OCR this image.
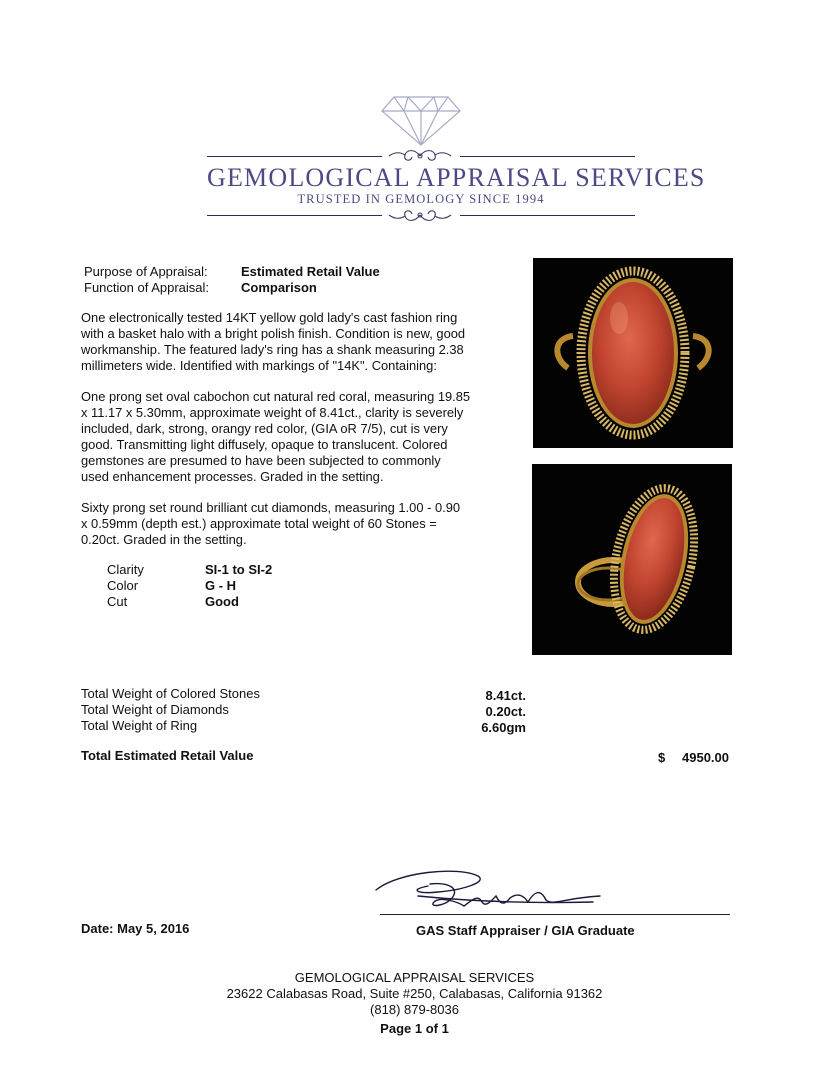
GEMOLOGICAL APPRAISAL SERVICES
TRUSTED IN GEMOLOGY SINCE 1994
Purpose of Appraisal:	Estimated Retail Value
Function of Appraisal: Comparison
One electronically tested 14KT yellow gold lady's cast fashion ring
with a basket halo with a bright polish finish. Condition is new, good
workmanship. The featured lady's ring has a shank measuring 2.38
millimeters wide. Identified with markings of "14K". Containing:
One prong set oval cabochon cut natural red coral, measuring 19.85
x 11.17 x 5.30mm, approximate weight of 8.41ct., clarity is severely
included, dark, strong, orangy red color, (GIA oR 7/5), cut is very
good. Transmitting light diffusely, opaque to translucent. Colored
gemstones are presumed to have been subjected to commonly
used enhancement processes. Graded in the setting.
Sixty prong set round brilliant cut diamonds, measuring 1.00 - 0.90
x 0.59mm (depth est.) approximate total weight of 60 Stones =
0.20ct. Graded in the setting.
Clarity	SI-1 to SI-2
Color	G - H
Cut	Good
Total Weight of Colored Stones	8.41ct.
Total Weight of Diamonds	0.20ct.
Total Weight of Ring	6.60gm
Total Estimated Retail Value	$ 4950.00
Date: May 5, 2016	GAS Staff Appraiser / GIA Graduate
GEMOLOGICAL APPRAISAL SERVICES
23622 Calabasas Road, Suite #250, Calabasas, California 91362
(818) 879-8036
Page 1 of 1
